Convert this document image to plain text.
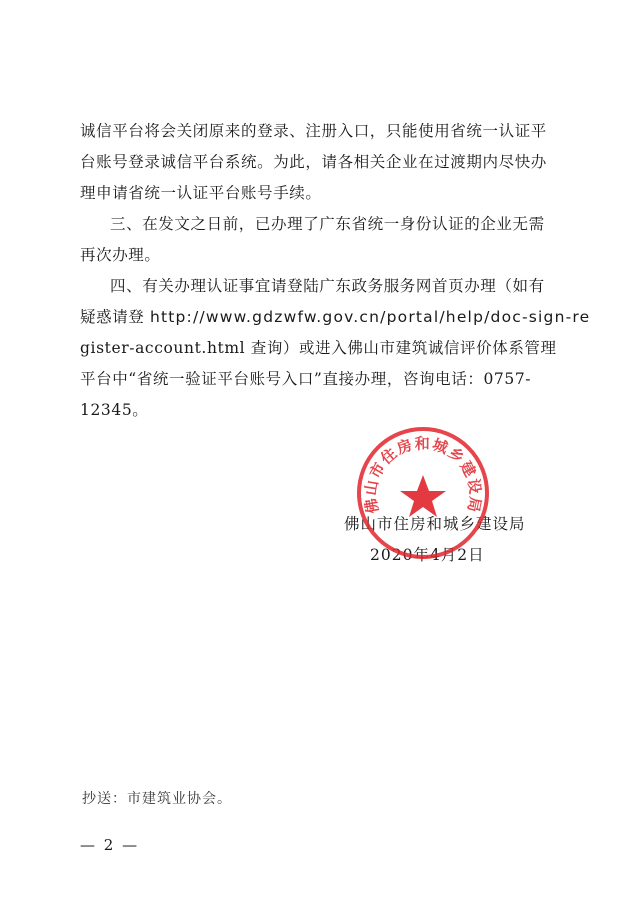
诚信平台将会关闭原来的登录、注册入口，只能使用省统一认证平
台账号登录诚信平台系统。为此，请各相关企业在过渡期内尽快办
理申请省统一认证平台账号手续。
三、在发文之日前，已办理了广东省统一身份认证的企业无需
再次办理。
四、有关办理认证事宜请登陆广东政务服务网首页办理（如有
疑惑请登 http://www.gdzwfw.gov.cn/portal/help/doc-sign-re
gister-account.html 查询）或进入佛山市建筑诚信评价体系管理
平台中“省统一验证平台账号入口”直接办理，咨询电话：0757-
12345。
佛山市住房和城乡建设局
2020年4月2日
佛山市住房和城乡建设局
抄送：市建筑业协会。
— 2 —
